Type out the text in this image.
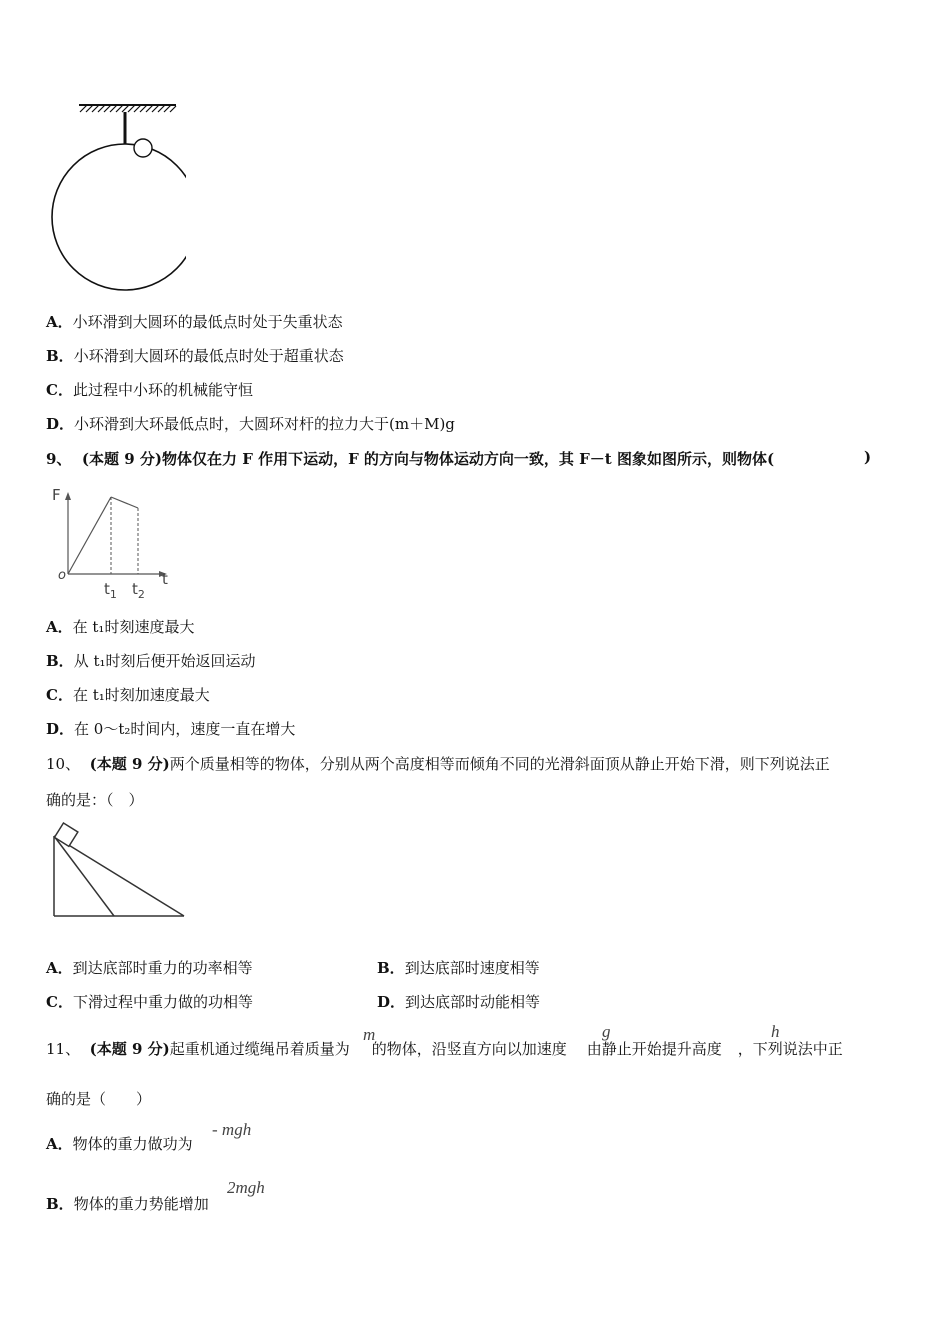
A．小环滑到大圆环的最低点时处于失重状态
B．小环滑到大圆环的最低点时处于超重状态
C．此过程中小环的机械能守恒
D．小环滑到大环最低点时，大圆环对杆的拉力大于(m＋M)g
9、 (本题 9 分)物体仅在力 F 作用下运动，F 的方向与物体运动方向一致，其 F－t 图象如图所示，则物体(	)
F
t
o
$t_1$ $t_2$
A．在 t₁时刻速度最大
B．从 t₁时刻后便开始返回运动
C．在 t₁时刻加速度最大
D．在 0～t₂时间内，速度一直在增大
10、 (本题 9 分)两个质量相等的物体，分别从两个高度相等而倾角不同的光滑斜面顶从静止开始下滑，则下列说法正
确的是：（　）
A．到达底部时重力的功率相等	B．到达底部时速度相等
C．下滑过程中重力做的功相等	D．到达底部时动能相等
11、 (本题 9 分)起重机通过缆绳吊着质量为 的物体，沿竖直方向以加速度 由静止开始提升高度 ，下列说法中正
m	g	h
确的是（　　）
A．物体的重力做功为
- mgh
B．物体的重力势能增加
2mgh
